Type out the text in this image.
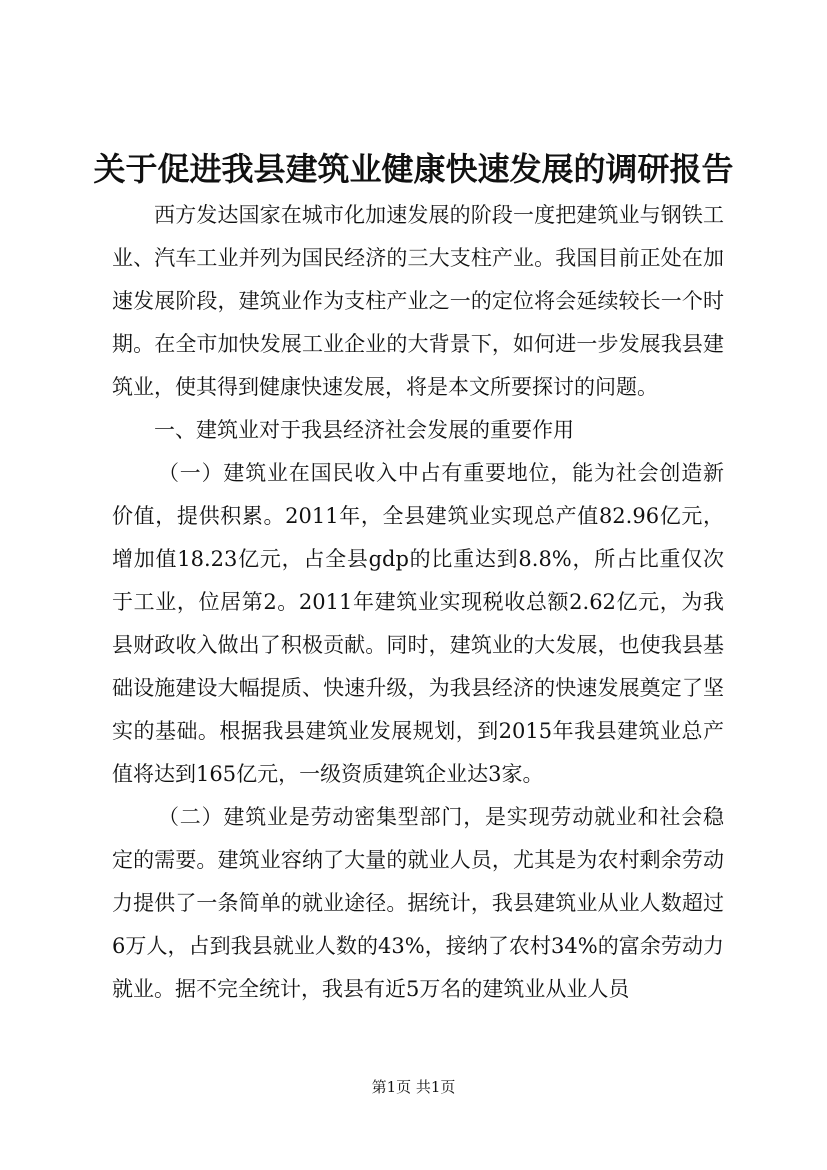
关于促进我县建筑业健康快速发展的调研报告

西方发达国家在城市化加速发展的阶段一度把建筑业与钢铁工业、汽车工业并列为国民经济的三大支柱产业。我国目前正处在加速发展阶段，建筑业作为支柱产业之一的定位将会延续较长一个时期。在全市加快发展工业企业的大背景下，如何进一步发展我县建筑业，使其得到健康快速发展，将是本文所要探讨的问题。

一、建筑业对于我县经济社会发展的重要作用

（一）建筑业在国民收入中占有重要地位，能为社会创造新价值，提供积累。2011年，全县建筑业实现总产值82.96亿元，增加值18.23亿元，占全县gdp的比重达到8.8%，所占比重仅次于工业，位居第2。2011年建筑业实现税收总额2.62亿元，为我县财政收入做出了积极贡献。同时，建筑业的大发展，也使我县基础设施建设大幅提质、快速升级，为我县经济的快速发展奠定了坚实的基础。根据我县建筑业发展规划，到2015年我县建筑业总产值将达到165亿元，一级资质建筑企业达3家。

（二）建筑业是劳动密集型部门，是实现劳动就业和社会稳定的需要。建筑业容纳了大量的就业人员，尤其是为农村剩余劳动力提供了一条简单的就业途径。据统计，我县建筑业从业人数超过6万人，占到我县就业人数的43%，接纳了农村34%的富余劳动力就业。据不完全统计，我县有近5万名的建筑业从业人员

第1页 共1页
